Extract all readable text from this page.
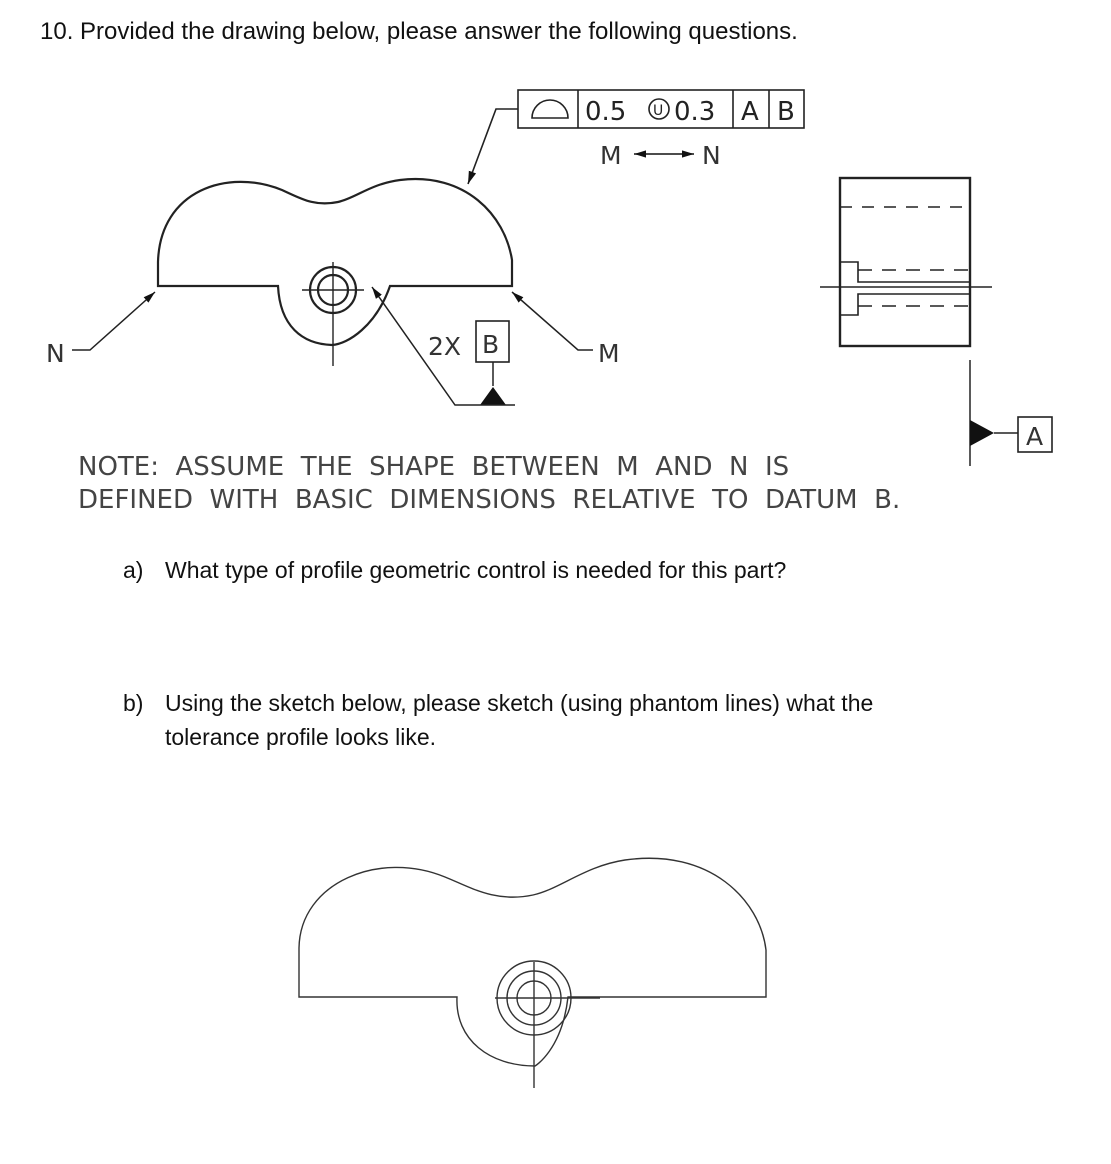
10. Provided the drawing below, please answer the following questions.
0.5 U 0.3 A B
M	N
N	M
2X B
A
NOTE:  ASSUME  THE  SHAPE  BETWEEN  M  AND  N  IS
DEFINED  WITH  BASIC  DIMENSIONS  RELATIVE  TO  DATUM  B.
a) What type of profile geometric control is needed for this part?
b) Using the sketch below, please sketch (using phantom lines) what the
tolerance profile looks like.
